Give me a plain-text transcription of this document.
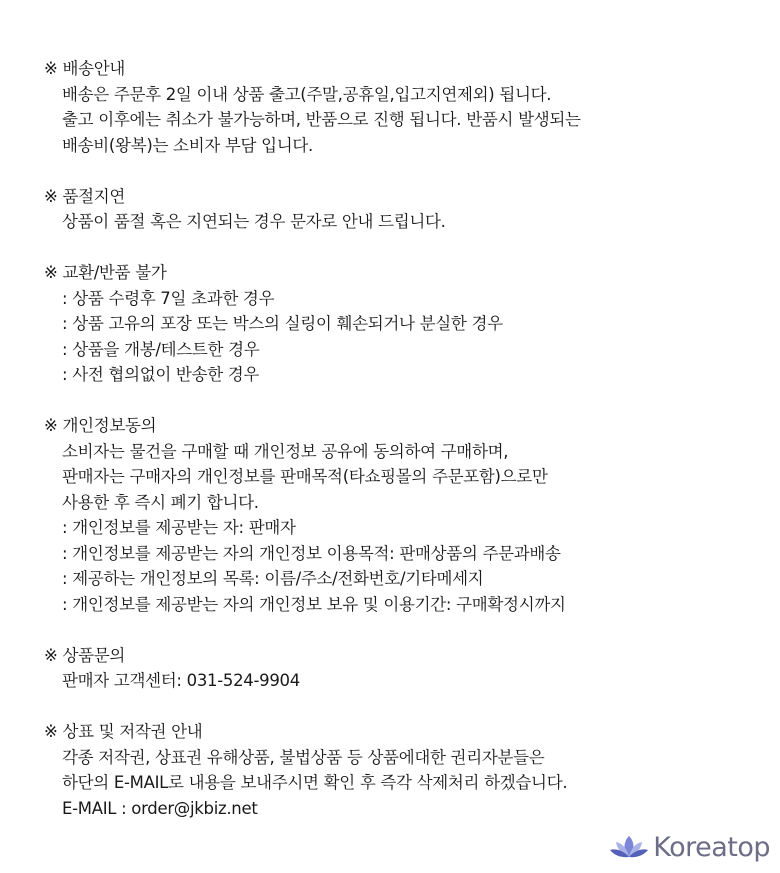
※ 배송안내
배송은 주문후 2일 이내 상품 출고(주말,공휴일,입고지연제외) 됩니다.
출고 이후에는 취소가 불가능하며, 반품으로 진행 됩니다. 반품시 발생되는
배송비(왕복)는 소비자 부담 입니다.
※ 품절지연
상품이 품절 혹은 지연되는 경우 문자로 안내 드립니다.
※ 교환/반품 불가
: 상품 수령후 7일 초과한 경우
: 상품 고유의 포장 또는 박스의 실링이 훼손되거나 분실한 경우
: 상품을 개봉/테스트한 경우
: 사전 협의없이 반송한 경우
※ 개인정보동의
소비자는 물건을 구매할 때 개인정보 공유에 동의하여 구매하며,
판매자는 구매자의 개인정보를 판매목적(타쇼핑몰의 주문포함)으로만
사용한 후 즉시 폐기 합니다.
: 개인정보를 제공받는 자: 판매자
: 개인정보를 제공받는 자의 개인정보 이용목적: 판매상품의 주문과배송
: 제공하는 개인정보의 목록: 이름/주소/전화번호/기타메세지
: 개인정보를 제공받는 자의 개인정보 보유 및 이용기간: 구매확정시까지
※ 상품문의
판매자 고객센터: 031-524-9904
※ 상표 및 저작권 안내
각종 저작권, 상표권 유해상품, 불법상품 등 상품에대한 권리자분들은
하단의 E-MAIL로 내용을 보내주시면 확인 후 즉각 삭제처리 하겠습니다.
E-MAIL : order@jkbiz.net
Koreatop
